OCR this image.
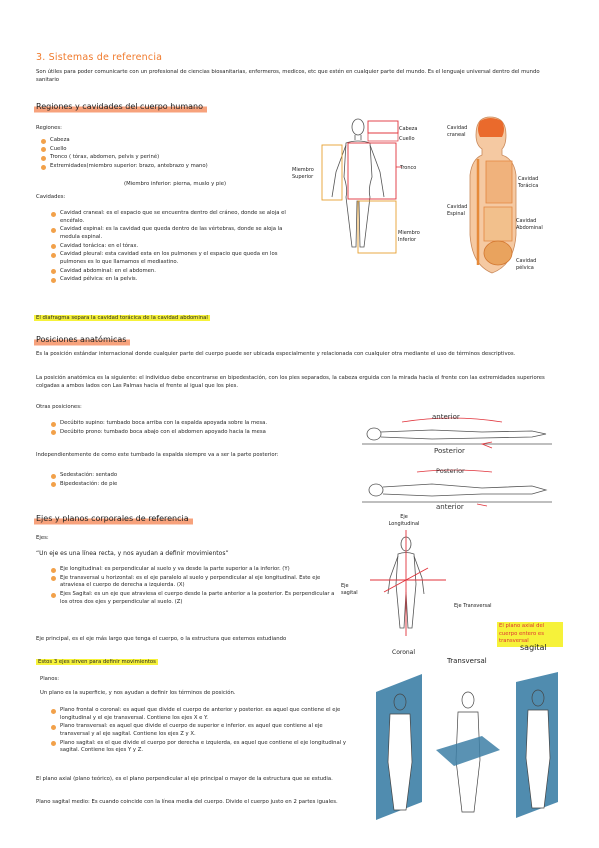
3. Sistemas de referencia

Son útiles para poder comunicarte con un profesional de ciencias biosanitarias, enfermeros, medicos, etc que estén en cualquier parte del mundo. Es el lenguaje universal dentro del mundo sanitario

Regiones y cavidades del cuerpo humano
Regiones:
Cabeza
Cuello
Tronco ( tórax, abdomen, pelvis y periné)
Extremidades(miembro superior: brazo, antebrazo y mano)
(Miembro inferior: pierna, muslo y pie)
Cavidades:
Cavidad craneal: es el espacio que se encuentra dentro del cráneo, donde se aloja el encéfalo.
Cavidad espinal: es la cavidad que queda dentro de las vértebras, donde se aloja la medula espinal.
Cavidad torácica: en el tórax.
Cavidad pleural: esta cavidad esta en los pulmones y el espacio que queda en los pulmones es lo que llamamos el mediastino.
Cavidad abdominal: en el abdomen.
Cavidad pélvica: en la pelvis.
El diafragma separa la cavidad torácica de la cavidad abdominal
Cabeza
Cuello
Tronco
Miembro Superior
Miembro Inferior
Cavidad craneal
Cavidad Torácica
Cavidad Espinal
Cavidad Abdominal
Cavidad pélvica
Posiciones anatómicas

Es la posición estándar internacional donde cualquier parte del cuerpo puede ser ubicada especialmente y relacionada con cualquier otra mediante el uso de términos descriptivos.

La posición anatómica es la siguiente: el individuo debe encontrarse en bipedestación, con los pies separados, la cabeza erguida con la mirada hacia el frente con las extremidades superiores colgadas a ambos lados con Las Palmas hacia el frente al igual que los pies.

Otras posiciones:
Decúbito supino: tumbado boca arriba con la espalda apoyada sobre la mesa.
Decúbito prono: tumbado boca abajo con el abdomen apoyado hacia la mesa
Independientemente de como este tumbado la espalda siempre va a ser la parte posterior:
Sedestación: sentado
Bipedestación: de pie
anterior
Posterior
Posterior
anterior
Ejes y planos corporales de referencia
Ejes:
“Un eje es una línea recta, y nos ayudan a definir movimientos”
Eje longitudinal: es perpendicular al suelo y va desde la parte superior a la inferior. (Y)
Eje transversal u horizontal: es el eje paralelo al suelo y perpendicular al eje longitudinal. Este eje atraviesa el cuerpo de derecha a izquierda. (X)
Ejes Sagital: es un eje que atraviesa el cuerpo desde la parte anterior a la posterior. Es perpendicular a los otros dos ejes y perpendicular al suelo. (Z)

Eje principal, es el eje más largo que tenga el cuerpo, o la estructura que estemos estudiando

Estos 3 ejes sirven para definir movimientos
Planos:
Un plano es la superficie, y nos ayudan a definir los términos de posición.
Plano frontal o coronal: es aquel que divide el cuerpo de anterior y posterior. es aquel que contiene el eje longitudinal y el eje transversal. Contiene los ejes X e Y.
Plano transversal: es aquel que divide el cuerpo de superior e inferior. es aquel que contiene al eje transversal y al eje sagital. Contiene los ejes Z y X.
Plano sagital: es el que divide el cuerpo por derecha e izquierda, es aquel que contiene el eje longitudinal y sagital. Contiene los ejes Y y Z.

El plano axial (plano teórico), es el plano perpendicular al eje principal o mayor de la estructura que se estudia.

Plano sagital medio: Es cuando coincide con la línea media del cuerpo. Divide el cuerpo justo en 2 partes iguales.

Eje Longitudinal
Eje sagital
Eje Transversal
El plano axial del cuerpo entero es transversal
Coronal
Transversal
sagital
